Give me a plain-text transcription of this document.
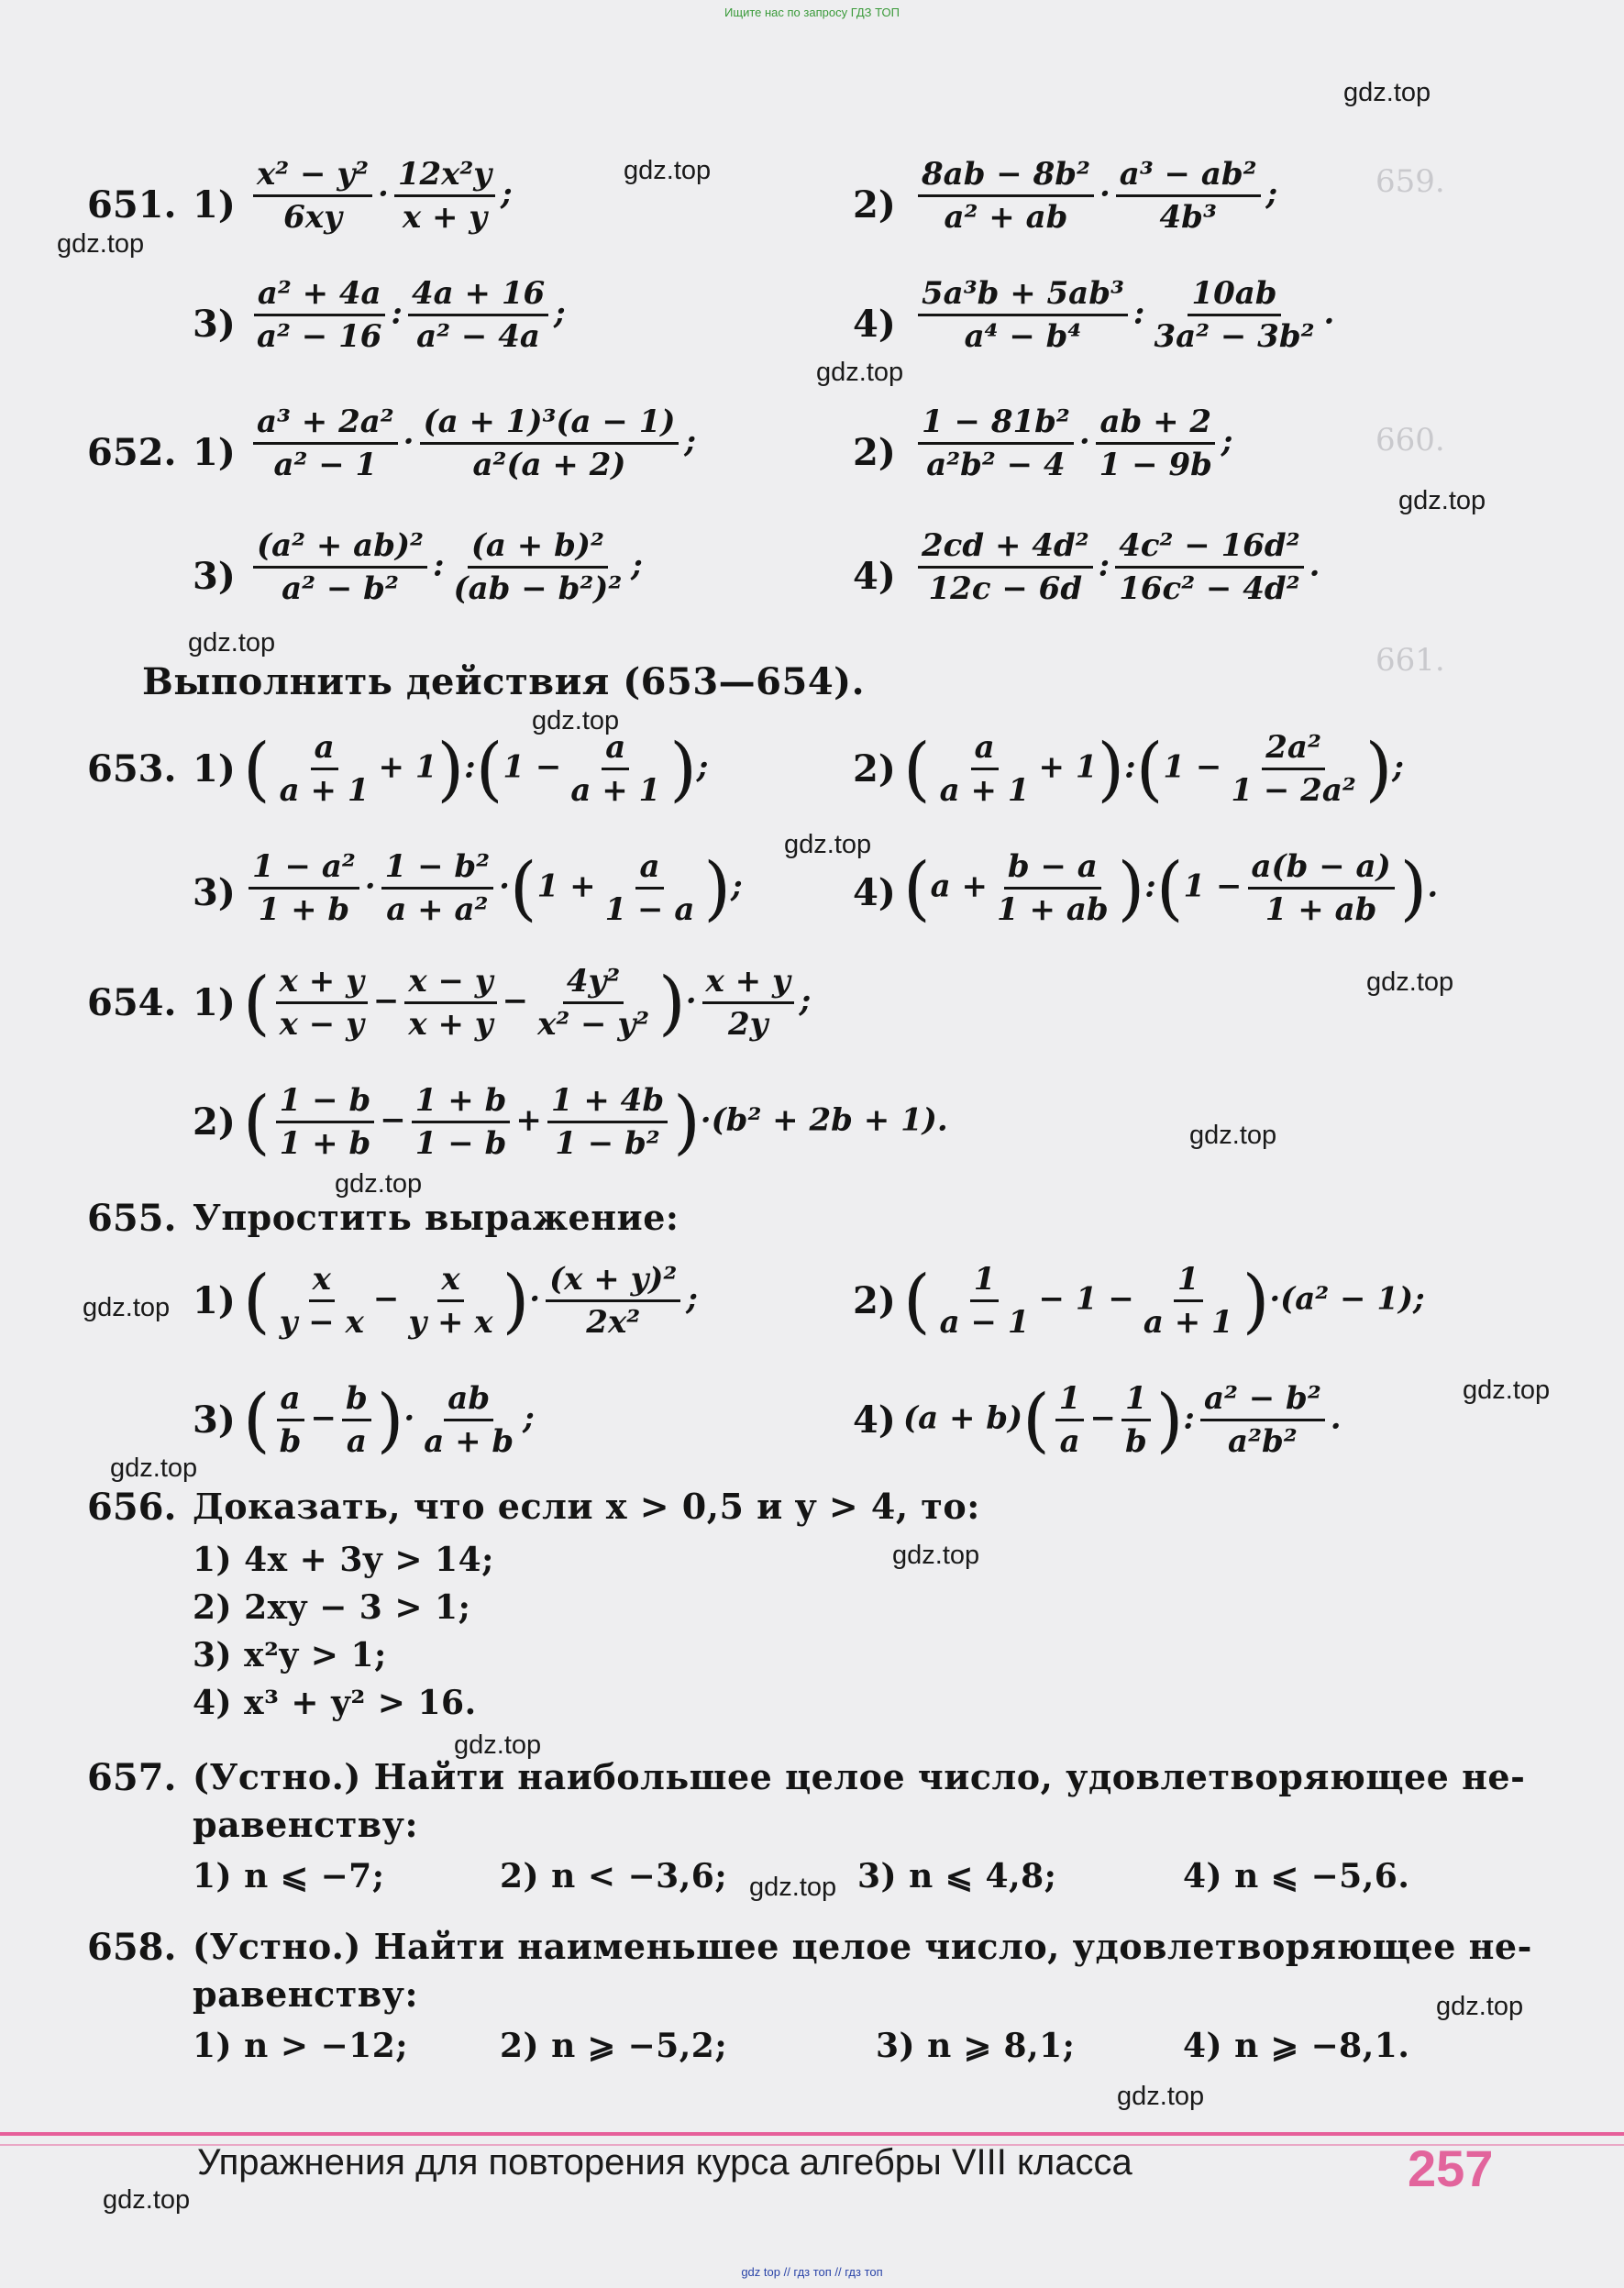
Ищите нас по запросу ГДЗ ТОП
659.
660.
661.
651. $1) \frac{\text{x² − y²}}{6xy} \cdot \frac{\text{12x²y}}{x + y}$ ;	$2) \frac{\text{8ab − 8b²}}{\text{a² + ab}} \cdot \frac{\text{a³ − ab²}}{\text{4b³}}$ ;
$3) \frac{\text{a² + 4a}}{\text{a² − 16}}$ : $\frac{4a + 16}{\text{a² − 4a}}$ ;	$4) \frac{\text{5a³b + 5ab³}}{\text{a⁴ − b⁴}}$ : $\frac{10ab}{\text{3a² − 3b²}}$ .
652. $1) \frac{\text{a³ + 2a²}}{\text{a² − 1}} \cdot \frac{\text{(a + 1)³(a − 1)}}{\text{a²(a + 2)}}$ ;	$2) \frac{\text{1 − 81b²}}{\text{a²b² − 4}} \cdot \frac{ab + 2}{1 - 9b}$ ;
$3) \frac{\text{(a² + ab)²}}{\text{a² − b²}}$ : $\frac{\text{(a + b)²}}{\text{(ab − b²)²}}$ ;	$4) \frac{\text{2cd + 4d²}}{12c - 6d}$ : $\frac{\text{4c² − 16d²}}{\text{16c² − 4d²}}$ .
Выполнить действия (653—654).
653. 1) ( $\frac{a}{a + 1}$ + 1):(1 − $\frac{a}{a + 1}$ );	2) ( $\frac{a}{a + 1}$ + 1):(1 − $\frac{\text{2a²}}{\text{1 − 2a²}}$ );
$3) \frac{\text{1 − a²}}{1 + b} \cdot \frac{\text{1 − b²}}{\text{a + a²}} \cdot(1 + \frac{a}{1 - a}$ );	4) ($a + \frac{b - a}{1 + ab}$ ):(1 − $\frac{a(b - a)}{1 + ab}$ ).
654. 1) ( $\frac{x + y}{x - y} - \frac{x - y}{x + y} - \frac{\text{4y²}}{\text{x² − y²}}$ )· $\frac{x + y}{2y}$ ;
2) ( $\frac{1 - b}{1 + b} - \frac{1 + b}{1 - b} + \frac{1 + 4b}{\text{1 − b²}} )\cdot(b^2 + 2b + 1)$.
655. Упростить выражение:
1) ( $\frac{x}{y - x} - \frac{x}{y + x}$ )· $\frac{\text{(x + y)²}}{\text{2x²}}$ ;	2) ( $\frac{1}{a - 1} - 1 - \frac{1}{a + 1} )\cdot(a^2 - 1)$;
3) ( $\frac{a}{b} - \frac{b}{a}$ )· $\frac{ab}{a + b}$ ;	4) $(a + b)( \frac{1}{a} - \frac{1}{b}$ ): $\frac{\text{a² − b²}}{\text{a²b²}}$ .
656. Доказать, что если x > 0,5 и y > 4, то:
1) 4x + 3y > 14;
2) 2xy − 3 > 1;
3) x²y > 1;
4) x³ + y² > 16.
657. (Устно.) Найти наибольшее целое число, удовлетворяющее не-
равенству:
1) n ⩽ −7;	2) n < −3,6;	3) n ⩽ 4,8;	4) n ⩽ −5,6.
658. (Устно.) Найти наименьшее целое число, удовлетворяющее не-
равенству:
1) n > −12;	2) n ⩾ −5,2;	3) n ⩾ 8,1;	4) n ⩾ −8,1.
gdz.top
gdz.top
gdz.top
gdz.top
gdz.top
gdz.top
gdz.top
gdz.top
gdz.top
gdz.top
gdz.top
gdz.top
gdz.top
gdz.top
gdz.top
gdz.top
gdz.top
gdz.top
gdz.top
gdz.top
Упражнения для повторения курса алгебры VIII класса	257
gdz top // гдз топ // гдз топ
